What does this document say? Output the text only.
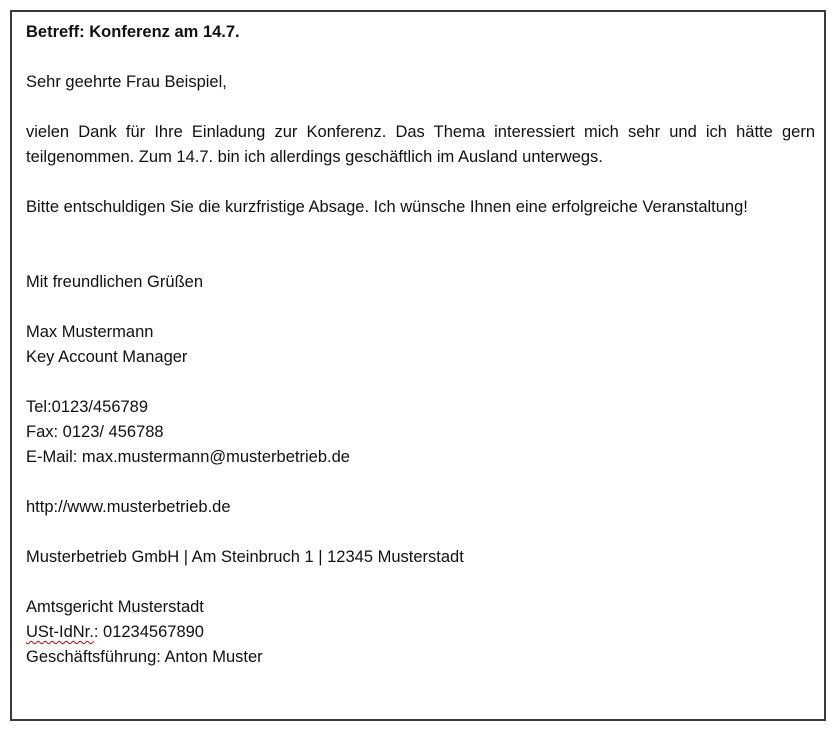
Betreff: Konferenz am 14.7.
Sehr geehrte Frau Beispiel,
vielen Dank für Ihre Einladung zur Konferenz. Das Thema interessiert mich sehr und ich hätte gern teilgenommen. Zum 14.7. bin ich allerdings geschäftlich im Ausland unterwegs.
Bitte entschuldigen Sie die kurzfristige Absage. Ich wünsche Ihnen eine erfolgreiche Veranstaltung!
Mit freundlichen Grüßen
Max Mustermann
Key Account Manager
Tel:0123/456789
Fax: 0123/ 456788
E-Mail: max.mustermann@musterbetrieb.de
http://www.musterbetrieb.de
Musterbetrieb GmbH | Am Steinbruch 1 | 12345 Musterstadt
Amtsgericht Musterstadt
USt-IdNr.: 01234567890
Geschäftsführung: Anton Muster
